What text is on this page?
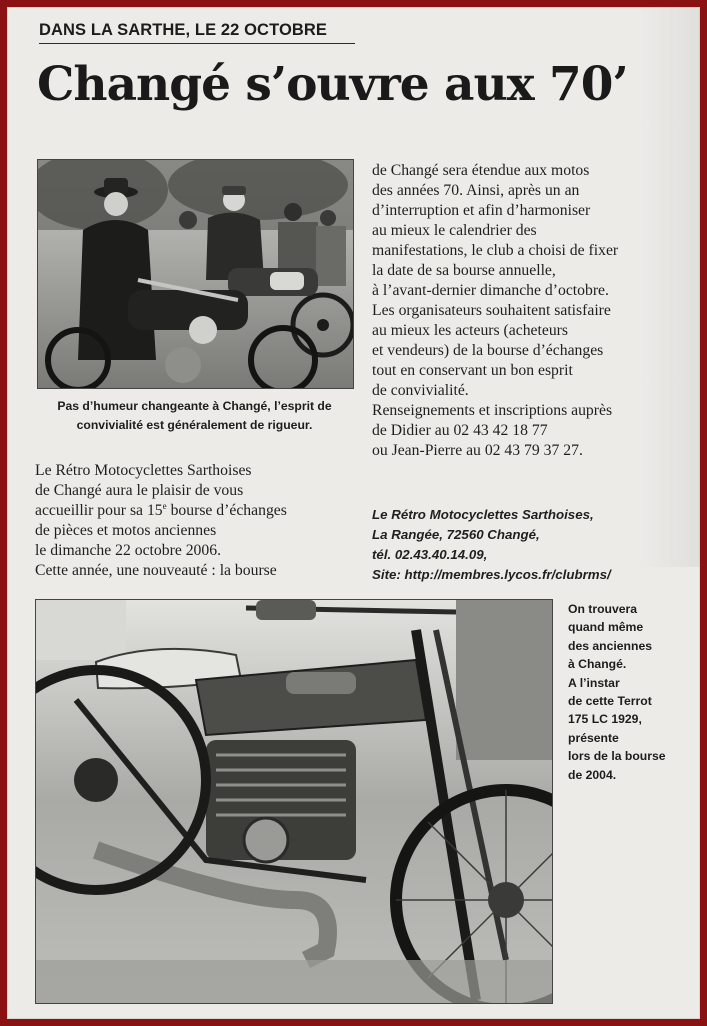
DANS LA SARTHE, LE 22 OCTOBRE
Changé s’ouvre aux 70’
Pas d’humeur changeante à Changé, l’esprit de convivialité est généralement de rigueur.
Le Rétro Motocyclettes Sarthoises
de Changé aura le plaisir de vous
accueillir pour sa 15e bourse d’échanges
de pièces et motos anciennes
le dimanche 22 octobre 2006.
Cette année, une nouveauté : la bourse
de Changé sera étendue aux motos
des années 70. Ainsi, après un an
d’interruption et afin d’harmoniser
au mieux le calendrier des
manifestations, le club a choisi de fixer
la date de sa bourse annuelle,
à l’avant-dernier dimanche d’octobre.
Les organisateurs souhaitent satisfaire
au mieux les acteurs (acheteurs
et vendeurs) de la bourse d’échanges
tout en conservant un bon esprit
de convivialité.
Renseignements et inscriptions auprès
de Didier au 02 43 42 18 77
ou Jean-Pierre au 02 43 79 37 27.
Le Rétro Motocyclettes Sarthoises,
La Rangée, 72560 Changé,
tél. 02.43.40.14.09,
Site: http://membres.lycos.fr/clubrms/
On trouvera
quand même
des anciennes
à Changé.
A l’instar
de cette Terrot
175 LC 1929,
présente
lors de la bourse
de 2004.
